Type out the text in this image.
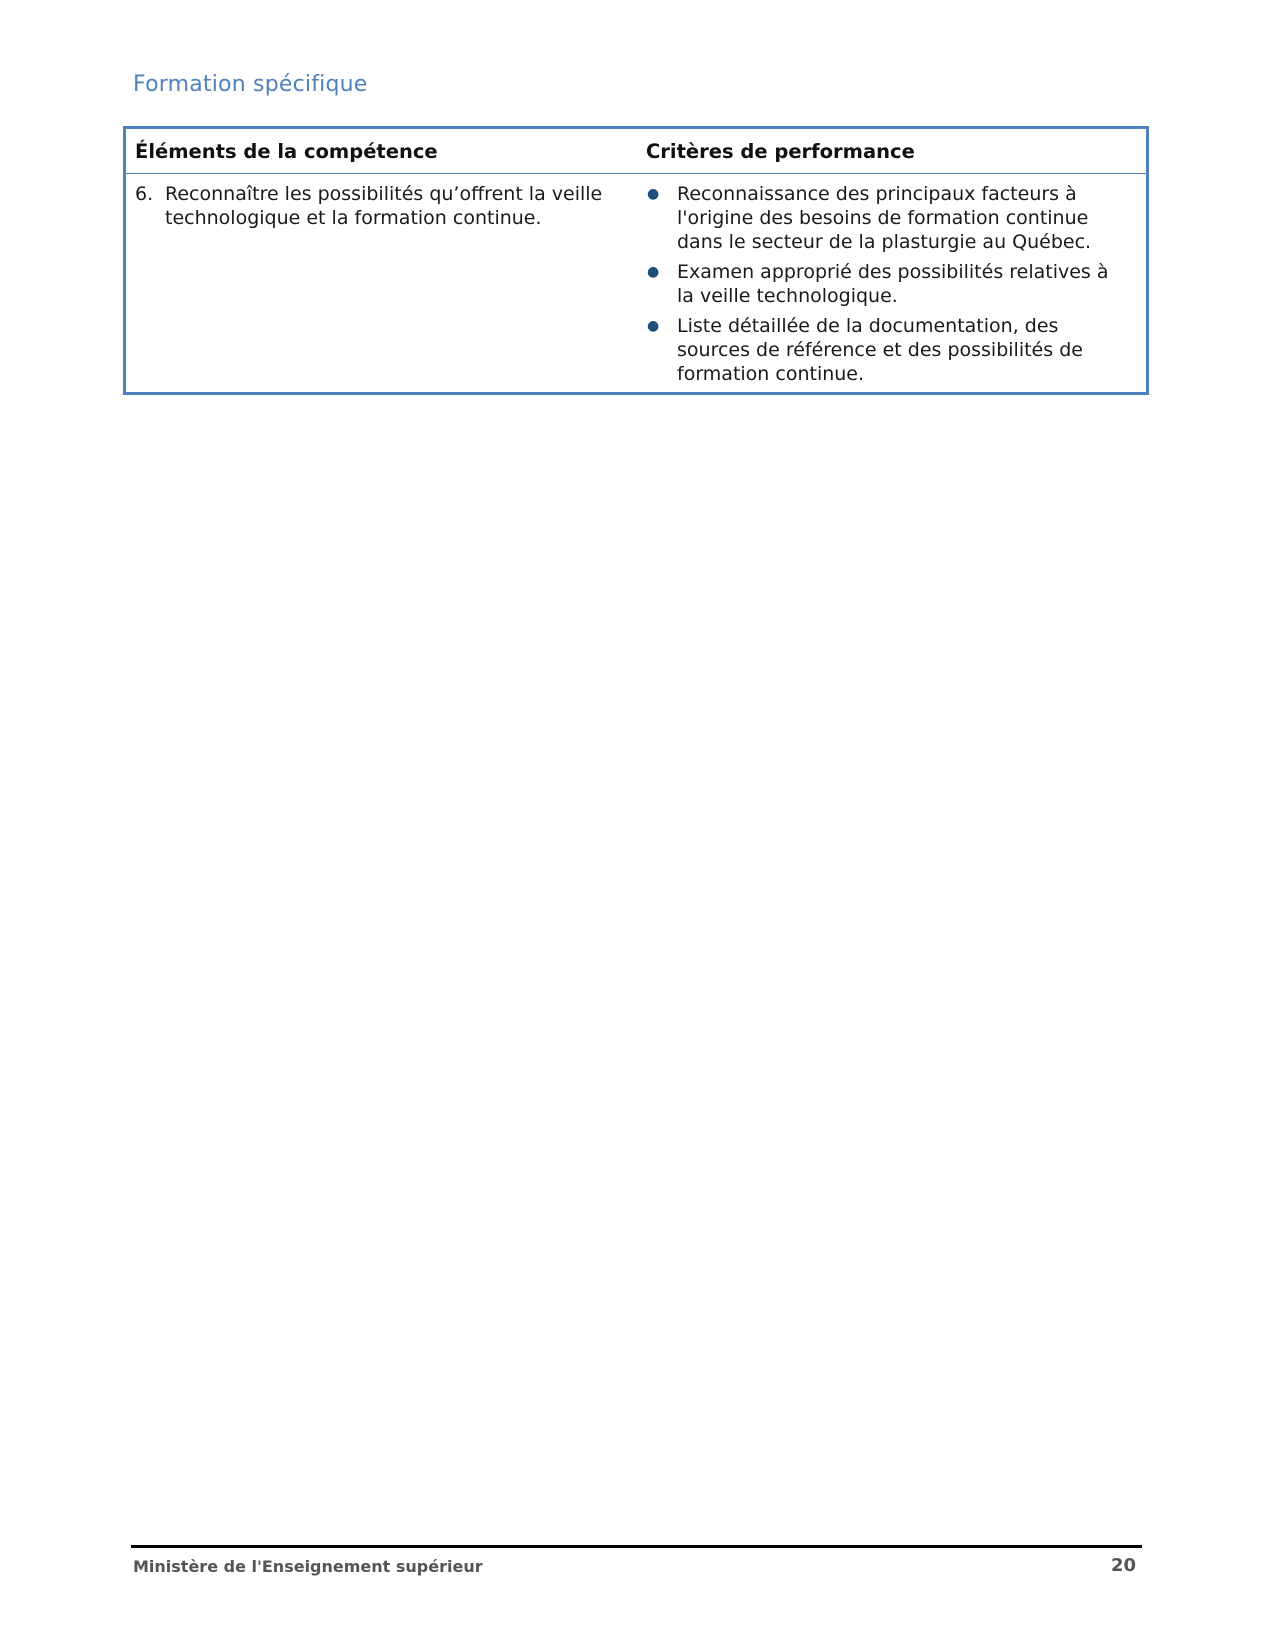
Formation spécifique
Éléments de la compétence	Critères de performance
6. Reconnaître les possibilités qu’offrent la veille technologique et la formation continue.
● Reconnaissance des principaux facteurs à l'origine des besoins de formation continue dans le secteur de la plasturgie au Québec.
● Examen approprié des possibilités relatives à la veille technologique.
● Liste détaillée de la documentation, des sources de référence et des possibilités de formation continue.
Ministère de l'Enseignement supérieur	20
